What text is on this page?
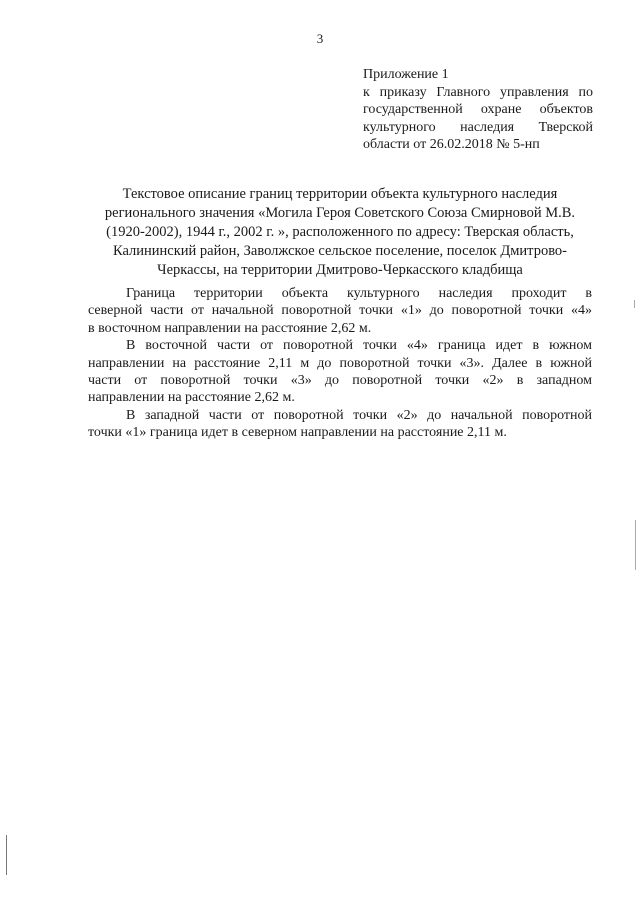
3
Приложение 1
к приказу Главного управления по
государственной охране объектов
культурного наследия Тверской
области от 26.02.2018 № 5-нп
Текстовое описание границ территории объекта культурного наследия
регионального значения «Могила Героя Советского Союза Смирновой М.В.
(1920-2002), 1944 г., 2002 г. », расположенного по адресу: Тверская область,
Калининский район, Заволжское сельское поселение, поселок Дмитрово-
Черкассы, на территории Дмитрово-Черкасского кладбища
Граница территории объекта культурного наследия проходит в
северной части от начальной поворотной точки «1» до поворотной точки «4»
в восточном направлении на расстояние 2,62 м.
В восточной части от поворотной точки «4» граница идет в южном
направлении на расстояние 2,11 м до поворотной точки «3». Далее в южной
части от поворотной точки «3» до поворотной точки «2» в западном
направлении на расстояние 2,62 м.
В западной части от поворотной точки «2» до начальной поворотной
точки «1» граница идет в северном направлении на расстояние 2,11 м.
